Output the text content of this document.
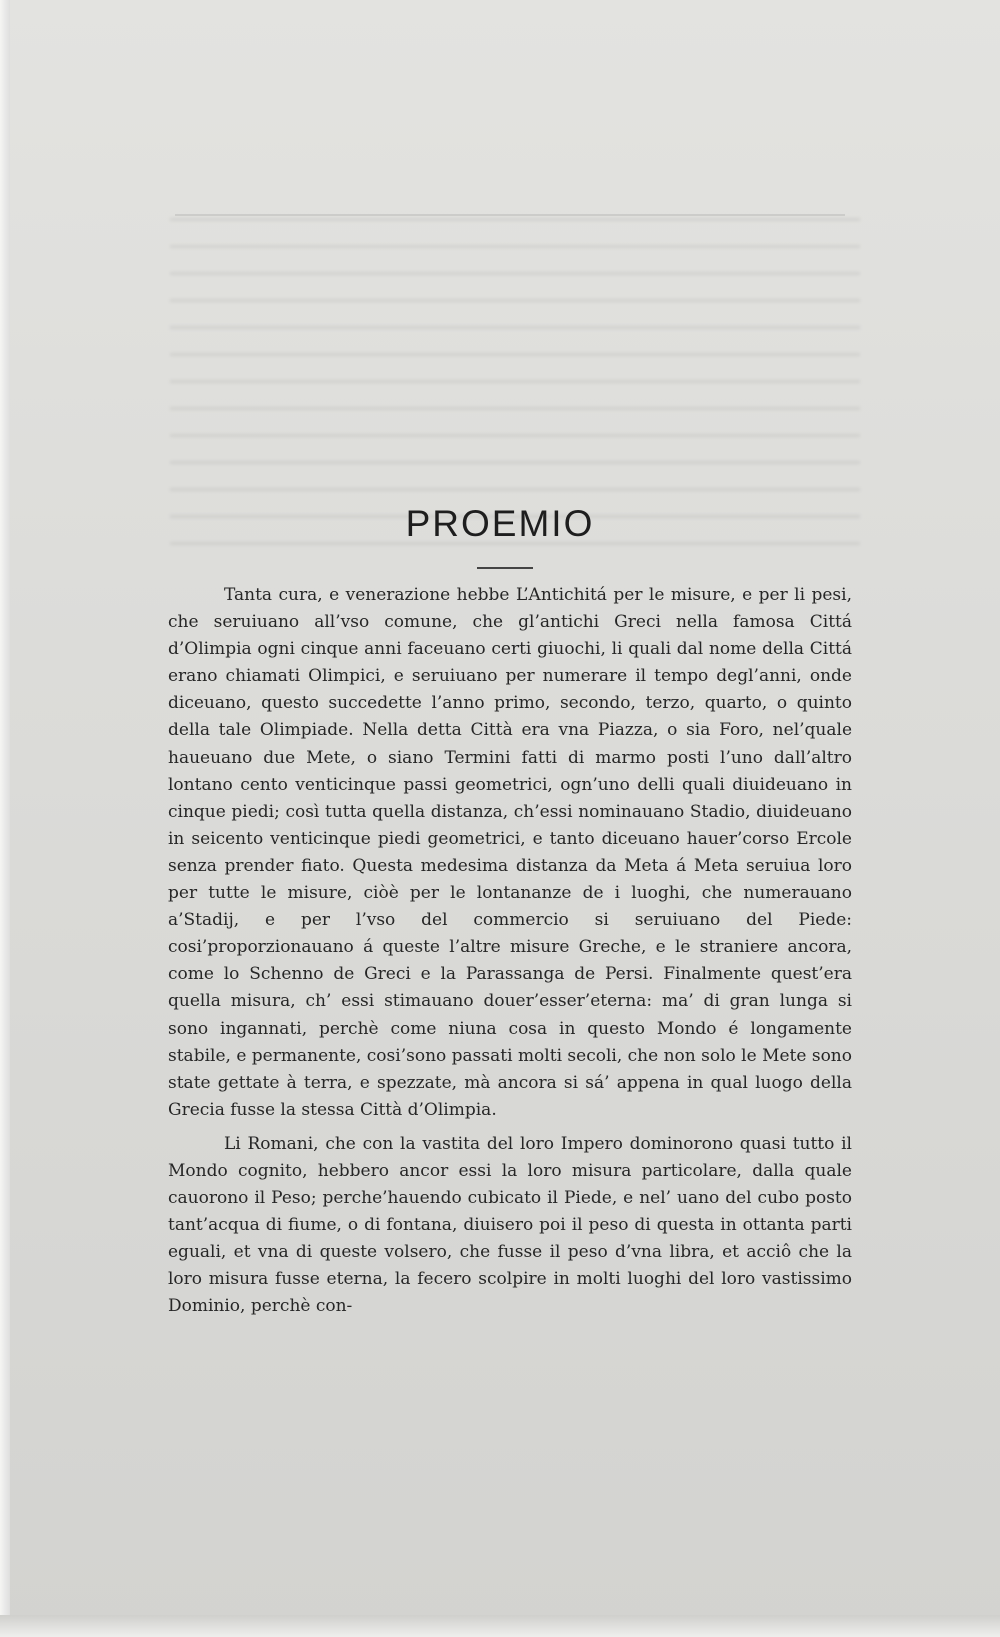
PROEMIO

Tanta cura, e venerazione hebbe L’Antichitá per le misure, e per li pesi, che seruiuano all’vso comune, che gl’antichi Greci nella famosa Cittá d’Olimpia ogni cinque anni faceuano certi giuochi, li quali dal nome della Cittá erano chiamati Olimpici, e seruiuano per numerare il tempo degl’anni, onde diceuano, questo succedette l’anno primo, secondo, terzo, quarto, o quinto della tale Olimpiade. Nella detta Città era vna Piazza, o sia Foro, nel’quale haueuano due Mete, o siano Termini fatti di marmo posti l’uno dall’altro lontano cento venticinque passi geometrici, ogn’uno delli quali diuideuano in cinque piedi; così tutta quella distanza, ch’essi nominauano Stadio, diuideuano in seicento venticinque piedi geometrici, e tanto diceuano hauer’corso Ercole senza prender fiato. Questa medesima distanza da Meta á Meta seruiua loro per tutte le misure, ciòè per le lontananze de i luoghi, che numerauano a’Stadij, e per l’vso del commercio si seruiuano del Piede: cosi’proporzionauano á queste l’altre misure Greche, e le straniere ancora, come lo Schenno de Greci e la Parassanga de Persi. Finalmente quest’era quella misura, ch’ essi stimauano douer’esser’eterna: ma’ di gran lunga si sono ingannati, perchè come niuna cosa in questo Mondo é longamente stabile, e permanente, cosi’sono passati molti secoli, che non solo le Mete sono state gettate à terra, e spezzate, mà ancora si sá’ appena in qual luogo della Grecia fusse la stessa Città d’Olimpia.

Li Romani, che con la vastita del loro Impero dominorono quasi tutto il Mondo cognito, hebbero ancor essi la loro misura particolare, dalla quale cauorono il Peso; perche’hauendo cubicato il Piede, e nel’ uano del cubo posto tant’acqua di fiume, o di fontana, diuisero poi il peso di questa in ottanta parti eguali, et vna di queste volsero, che fusse il peso d’vna libra, et acciô che la loro misura fusse eterna, la fecero scolpire in molti luoghi del loro vastissimo Dominio, perchè con-
